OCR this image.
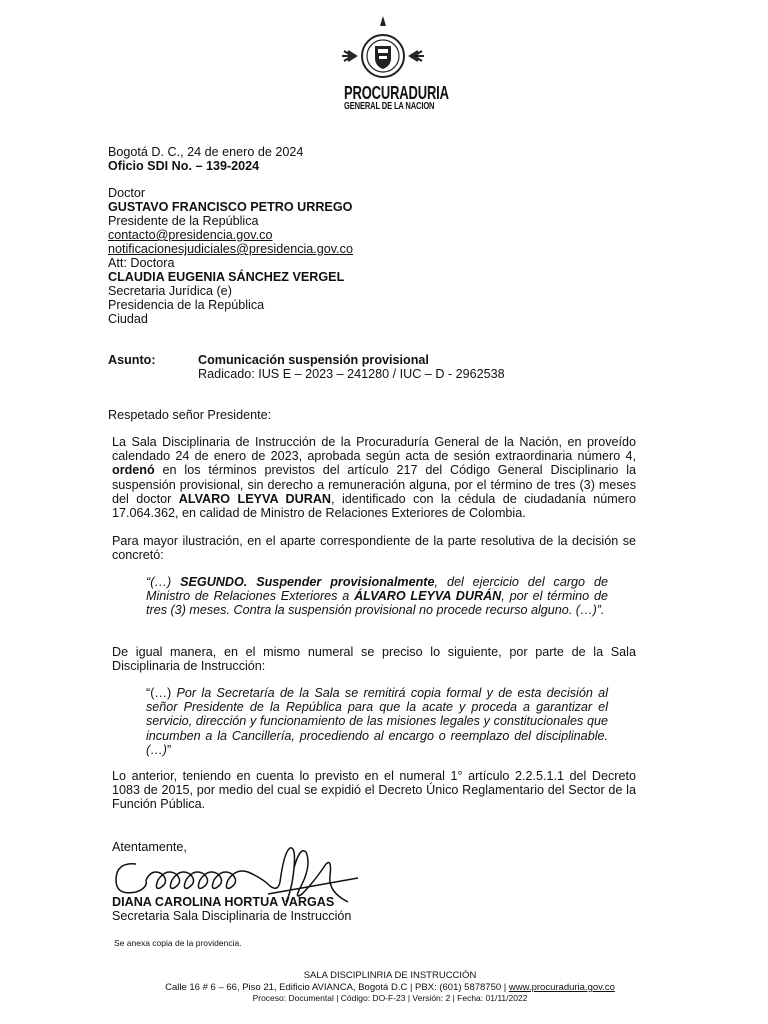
PROCURADURIA
GENERAL DE LA NACION
Bogotá D. C., 24 de enero de 2024
Oficio SDI No. – 139-2024
Doctor
GUSTAVO FRANCISCO PETRO URREGO
Presidente de la República
contacto@presidencia.gov.co
notificacionesjudiciales@presidencia.gov.co
Att: Doctora
CLAUDIA EUGENIA SÁNCHEZ VERGEL
Secretaria Jurídica (e)
Presidencia de la República
Ciudad
Asunto:	Comunicación suspensión provisional
Radicado: IUS E – 2023 – 241280 / IUC – D - 2962538
Respetado señor Presidente:
La Sala Disciplinaria de Instrucción de la Procuraduría General de la Nación, en proveído calendado 24 de enero de 2023, aprobada según acta de sesión extraordinaria número 4, ordenó en los términos previstos del artículo 217 del Código General Disciplinario la suspensión provisional, sin derecho a remuneración alguna, por el término de tres (3) meses del doctor ALVARO LEYVA DURAN, identificado con la cédula de ciudadanía número 17.064.362, en calidad de Ministro de Relaciones Exteriores de Colombia.
Para mayor ilustración, en el aparte correspondiente de la parte resolutiva de la decisión se concretó:
“(…) SEGUNDO. Suspender provisionalmente, del ejercicio del cargo de Ministro de Relaciones Exteriores a ÁLVARO LEYVA DURÁN, por el término de tres (3) meses. Contra la suspensión provisional no procede recurso alguno. (…)”.
De igual manera, en el mismo numeral se preciso lo siguiente, por parte de la Sala Disciplinaria de Instrucción:
“(…) Por la Secretaría de la Sala se remitirá copia formal y de esta decisión al señor Presidente de la República para que la acate y proceda a garantizar el servicio, dirección y funcionamiento de las misiones legales y constitucionales que incumben a la Cancillería, procediendo al encargo o reemplazo del disciplinable. (…)”
Lo anterior, teniendo en cuenta lo previsto en el numeral 1° artículo 2.2.5.1.1 del Decreto 1083 de 2015, por medio del cual se expidió el Decreto Único Reglamentario del Sector de la Función Pública.
Atentamente,
DIANA CAROLINA HORTUA VARGAS
Secretaria Sala Disciplinaria de Instrucción
Se anexa copia de la providencia.
SALA DISCIPLINRIA DE INSTRUCCIÓN
Calle 16 # 6 – 66, Piso 21, Edificio AVIANCA, Bogotá D.C | PBX: (601) 5878750 | www.procuraduria.gov.co
Proceso: Documental | Código: DO-F-23 | Versión: 2 | Fecha: 01/11/2022
